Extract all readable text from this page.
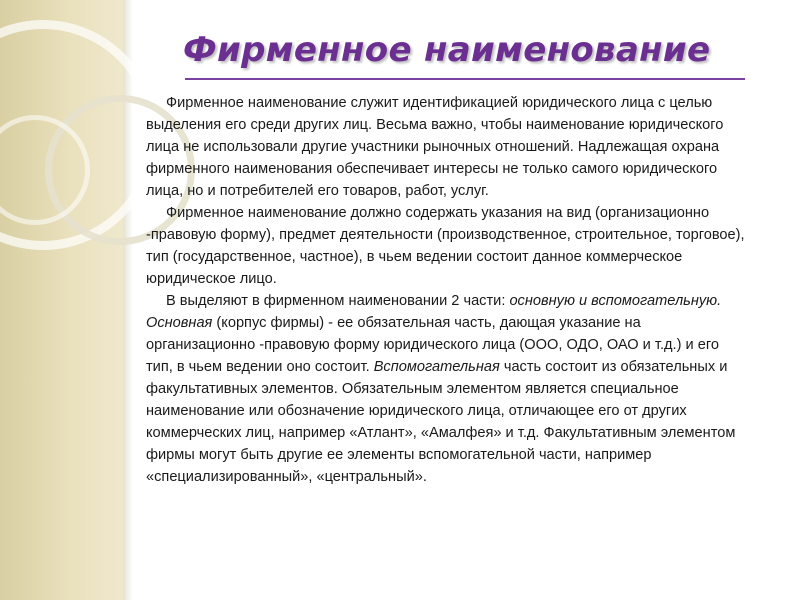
Фирменное наименование

Фирменное наименование служит идентификацией юридического лица с целью выделения его среди других лиц. Весьма важно, чтобы наименование юридического лица не использовали другие участники рыночных отношений. Надлежащая охрана фирменного наименования обеспечивает интересы не только самого юридического лица, но и потребителей его товаров, работ, услуг.

Фирменное наименование должно содержать указания на вид (организационно -правовую форму), предмет деятельности (производственное, строительное, торговое), тип (государственное, частное), в чьем ведении состоит данное коммерческое юридическое лицо.

В выделяют в фирменном наименовании 2 части: основную и вспомогательную. Основная (корпус фирмы) - ее обязательная часть, дающая указание на организационно -правовую форму юридического лица (ООО, ОДО, ОАО и т.д.) и его тип, в чьем ведении оно состоит. Вспомогательная часть состоит из обязательных и факультативных элементов. Обязательным элементом является специальное наименование или обозначение юридического лица, отличающее его от других коммерческих лиц, например «Атлант», «Амалфея» и т.д. Факультативным элементом фирмы могут быть другие ее элементы вспомогательной части, например «специализированный», «центральный».
